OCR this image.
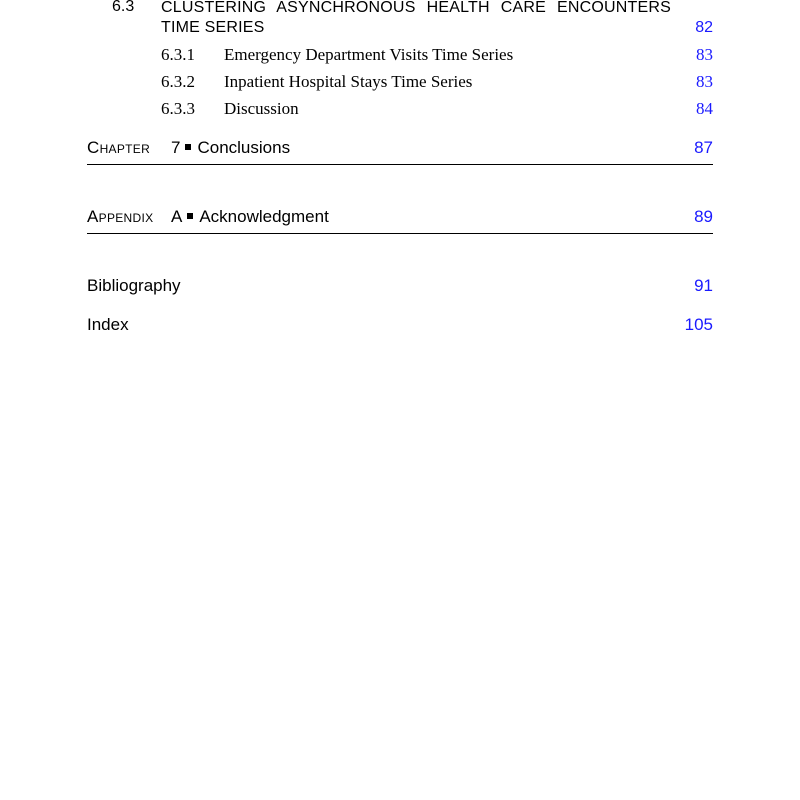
6.3 CLUSTERING ASYNCHRONOUS HEALTH CARE ENCOUNTERS TIME SERIES	82
6.3.1 Emergency Department Visits Time Series	83
6.3.2 Inpatient Hospital Stays Time Series	83
6.3.3 Discussion	84
Chapter 7 Conclusions	87
Appendix A Acknowledgment	89
Bibliography	91
Index	105
